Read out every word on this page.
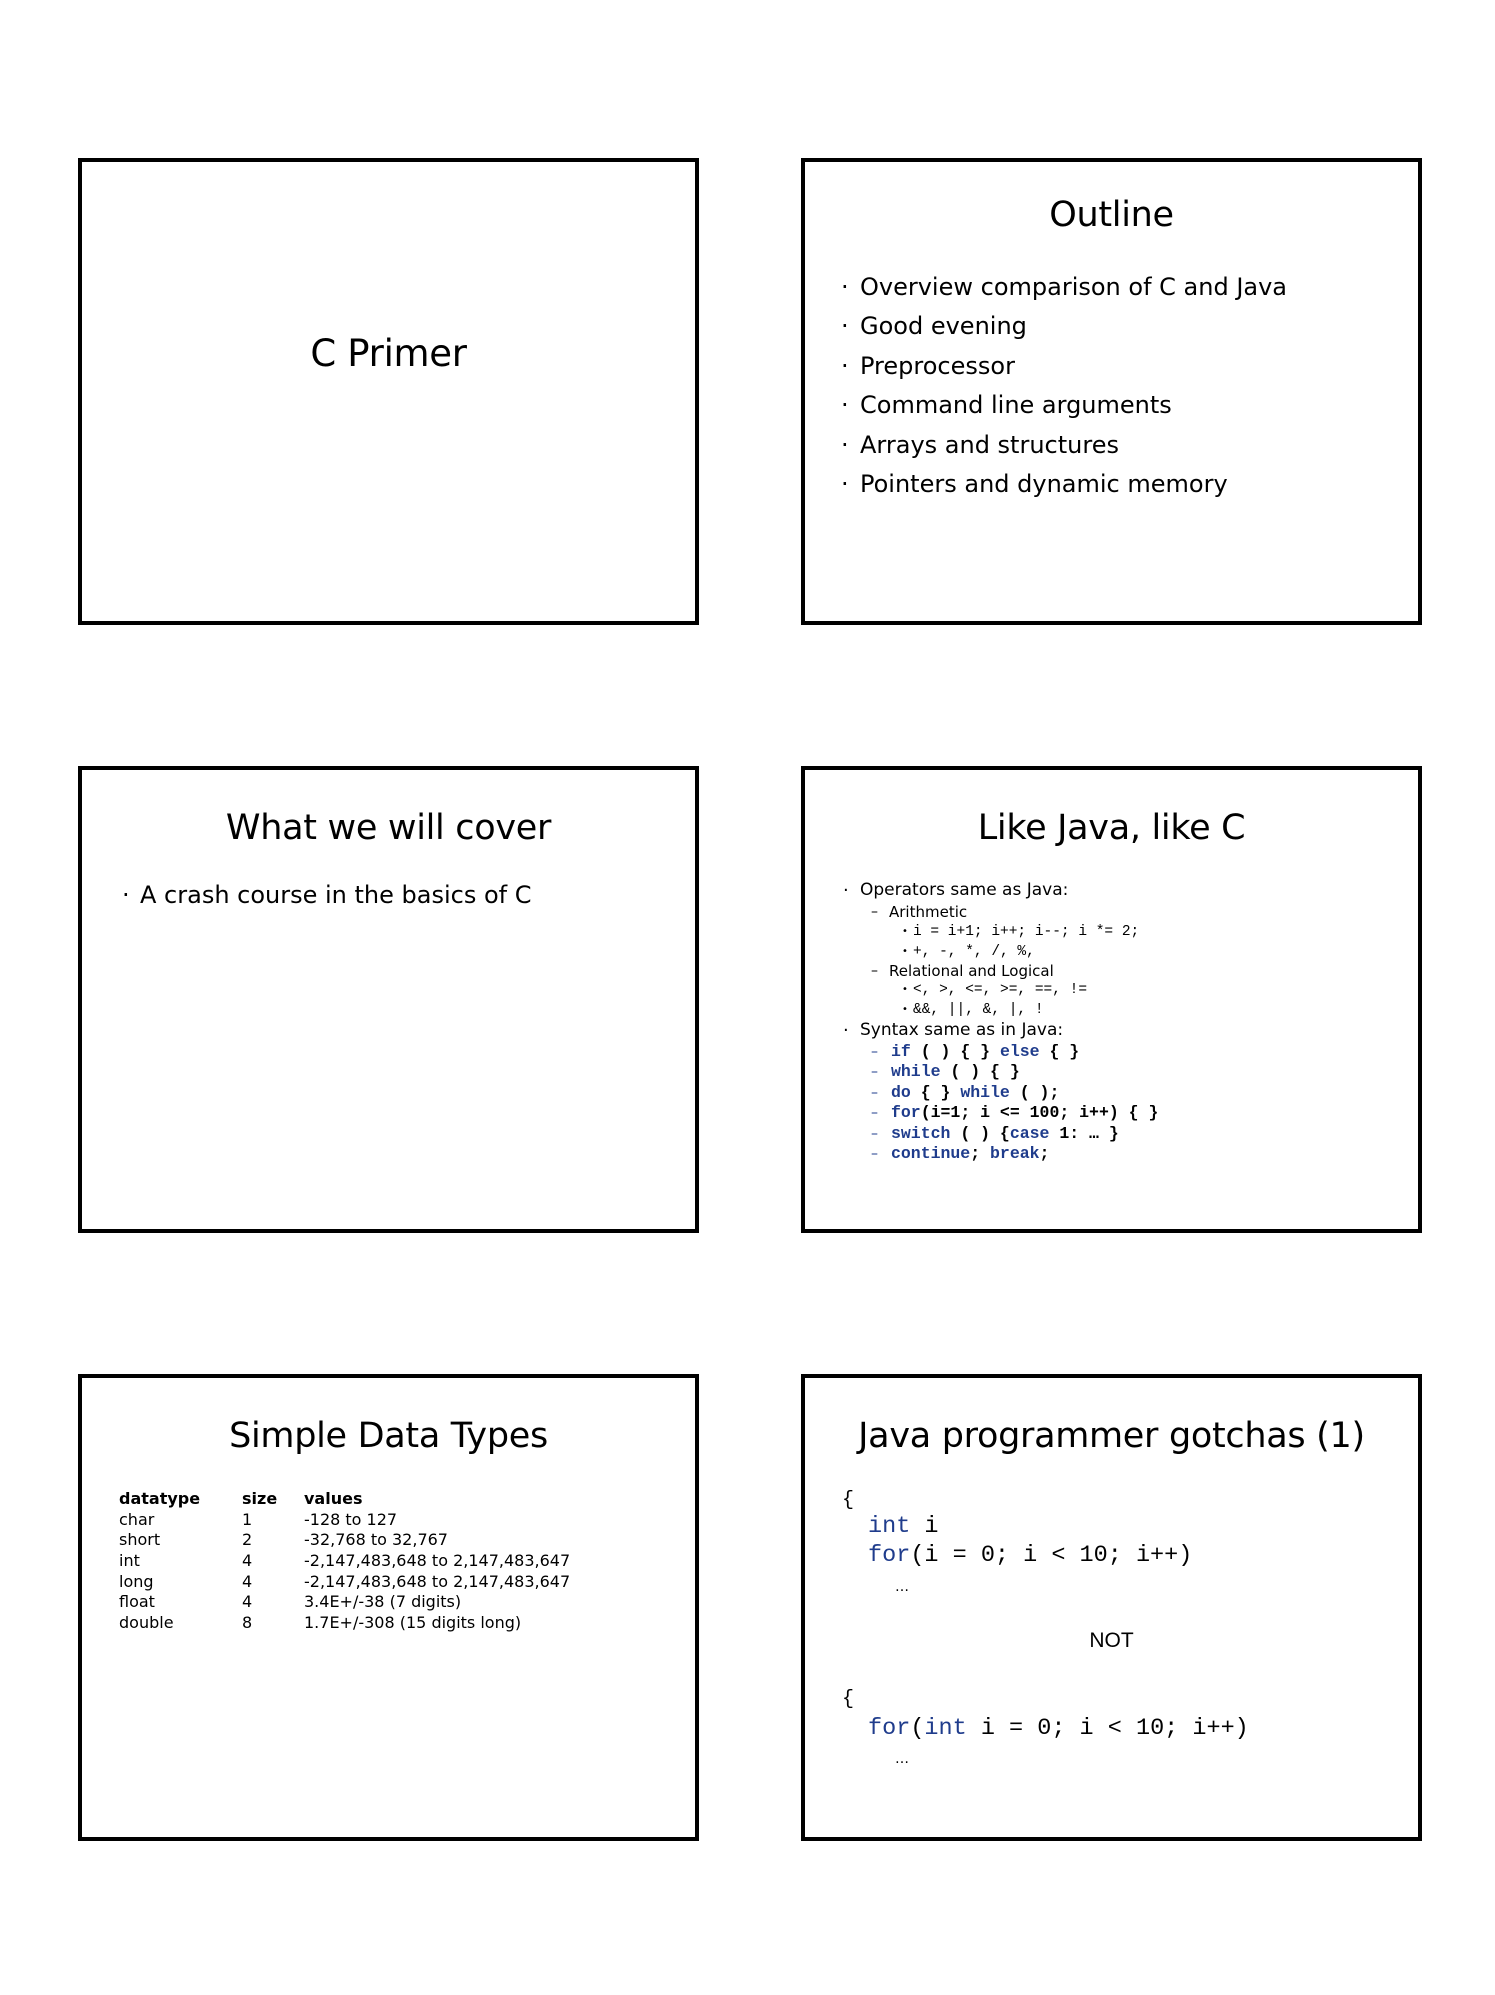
C Primer
Outline
· Overview comparison of C and Java
· Good evening
· Preprocessor
· Command line arguments
· Arrays and structures
· Pointers and dynamic memory
What we will cover
· A crash course in the basics of C
Like Java, like C
· Operators same as Java:
– Arithmetic
• i = i+1; i++; i--; i *= 2;
• +, -, *, /, %,
– Relational and Logical
• <, >, <=, >=, ==, !=
• &&, ||, &, |, !
· Syntax same as in Java:
– if ( ) { } else { }
– while ( ) { }
– do { } while ( );
– for(i=1; i <= 100; i++) { }
– switch ( ) {case 1: … }
– continue; break;
Simple Data Types
datatype	size	values
char	1	-128 to 127
short	2	-32,768 to 32,767
int	4	-2,147,483,648 to 2,147,483,647
long	4	-2,147,483,648 to 2,147,483,647
float	4	3.4E+/-38 (7 digits)
double	8	1.7E+/-308 (15 digits long)
Java programmer gotchas (1)
{
int i
for(i = 0; i < 10; i++)
…
NOT
{
for(int i = 0; i < 10; i++)
…
